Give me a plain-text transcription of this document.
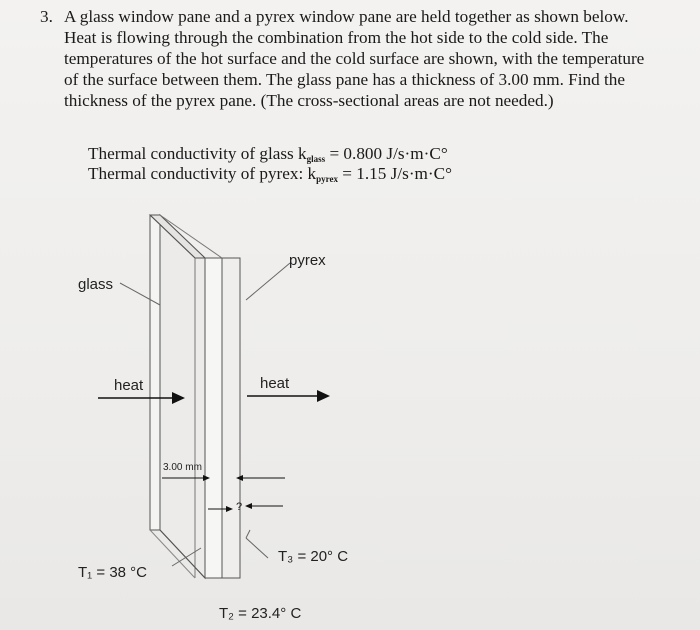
3. A glass window pane and a pyrex window pane are held together as shown below.
Heat is flowing through the combination from the hot side to the cold side. The
temperatures of the hot surface and the cold surface are shown, with the temperature
of the surface between them. The glass pane has a thickness of 3.00 mm. Find the
thickness of the pyrex pane. (The cross-sectional areas are not needed.)
Thermal conductivity of glass $k_{glass} = 0.800$ J/s·m·C°
Thermal conductivity of pyrex: $k_{pyrex} = 1.15$ J/s·m·C°
glass
pyrex
heat	heat
3.00 mm
?
T₁ = 38 °C
T₃ = 20° C
T₂ = 23.4° C
